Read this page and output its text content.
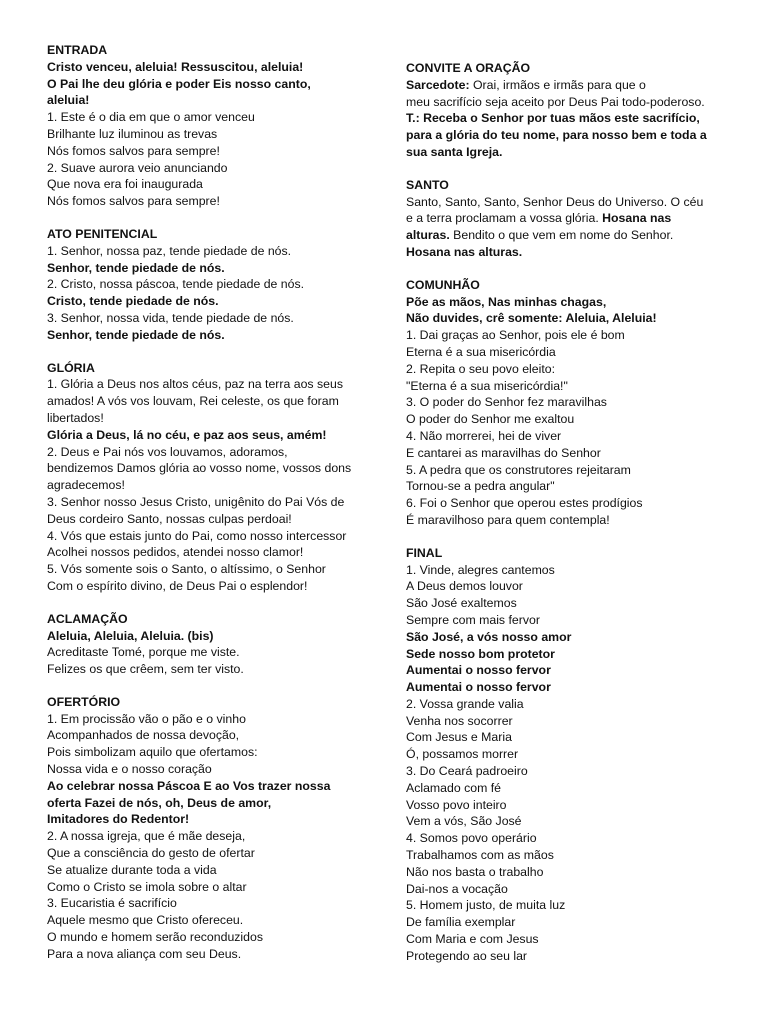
ENTRADA
Cristo venceu, aleluia! Ressuscitou, aleluia!
O Pai lhe deu glória e poder Eis nosso canto,
aleluia!
1. Este é o dia em que o amor venceu
Brilhante luz iluminou as trevas
Nós fomos salvos para sempre!
2. Suave aurora veio anunciando
Que nova era foi inaugurada
Nós fomos salvos para sempre!
ATO PENITENCIAL
1. Senhor, nossa paz, tende piedade de nós.
Senhor, tende piedade de nós.
2. Cristo, nossa páscoa, tende piedade de nós.
Cristo, tende piedade de nós.
3. Senhor, nossa vida, tende piedade de nós.
Senhor, tende piedade de nós.
GLÓRIA
1. Glória a Deus nos altos céus, paz na terra aos seus
amados! A vós vos louvam, Rei celeste, os que foram
libertados!
Glória a Deus, lá no céu, e paz aos seus, amém!
2. Deus e Pai nós vos louvamos, adoramos,
bendizemos Damos glória ao vosso nome, vossos dons
agradecemos!
3. Senhor nosso Jesus Cristo, unigênito do Pai Vós de
Deus cordeiro Santo, nossas culpas perdoai!
4. Vós que estais junto do Pai, como nosso intercessor
Acolhei nossos pedidos, atendei nosso clamor!
5. Vós somente sois o Santo, o altíssimo, o Senhor
Com o espírito divino, de Deus Pai o esplendor!
ACLAMAÇÃO
Aleluia, Aleluia, Aleluia. (bis)
Acreditaste Tomé, porque me viste.
Felizes os que crêem, sem ter visto.
OFERTÓRIO
1. Em procissão vão o pão e o vinho
Acompanhados de nossa devoção,
Pois simbolizam aquilo que ofertamos:
Nossa vida e o nosso coração
Ao celebrar nossa Páscoa E ao Vos trazer nossa
oferta Fazei de nós, oh, Deus de amor,
Imitadores do Redentor!
2. A nossa igreja, que é mãe deseja,
Que a consciência do gesto de ofertar
Se atualize durante toda a vida
Como o Cristo se imola sobre o altar
3. Eucaristia é sacrifício
Aquele mesmo que Cristo ofereceu.
O mundo e homem serão reconduzidos
Para a nova aliança com seu Deus.
CONVITE A ORAÇÃO
Sarcedote: Orai, irmãos e irmãs para que o
meu sacrifício seja aceito por Deus Pai todo-poderoso.
T.: Receba o Senhor por tuas mãos este sacrifício,
para a glória do teu nome, para nosso bem e toda a
sua santa Igreja.
SANTO
Santo, Santo, Santo, Senhor Deus do Universo. O céu
e a terra proclamam a vossa glória. Hosana nas
alturas. Bendito o que vem em nome do Senhor.
Hosana nas alturas.
COMUNHÃO
Põe as mãos, Nas minhas chagas,
Não duvides, crê somente: Aleluia, Aleluia!
1. Dai graças ao Senhor, pois ele é bom
Eterna é a sua misericórdia
2. Repita o seu povo eleito:
"Eterna é a sua misericórdia!"
3. O poder do Senhor fez maravilhas
O poder do Senhor me exaltou
4. Não morrerei, hei de viver
E cantarei as maravilhas do Senhor
5. A pedra que os construtores rejeitaram
Tornou-se a pedra angular"
6. Foi o Senhor que operou estes prodígios
É maravilhoso para quem contempla!
FINAL
1. Vinde, alegres cantemos
A Deus demos louvor
São José exaltemos
Sempre com mais fervor
São José, a vós nosso amor
Sede nosso bom protetor
Aumentai o nosso fervor
Aumentai o nosso fervor
2. Vossa grande valia
Venha nos socorrer
Com Jesus e Maria
Ó, possamos morrer
3. Do Ceará padroeiro
Aclamado com fé
Vosso povo inteiro
Vem a vós, São José
4. Somos povo operário
Trabalhamos com as mãos
Não nos basta o trabalho
Dai-nos a vocação
5. Homem justo, de muita luz
De família exemplar
Com Maria e com Jesus
Protegendo ao seu lar
